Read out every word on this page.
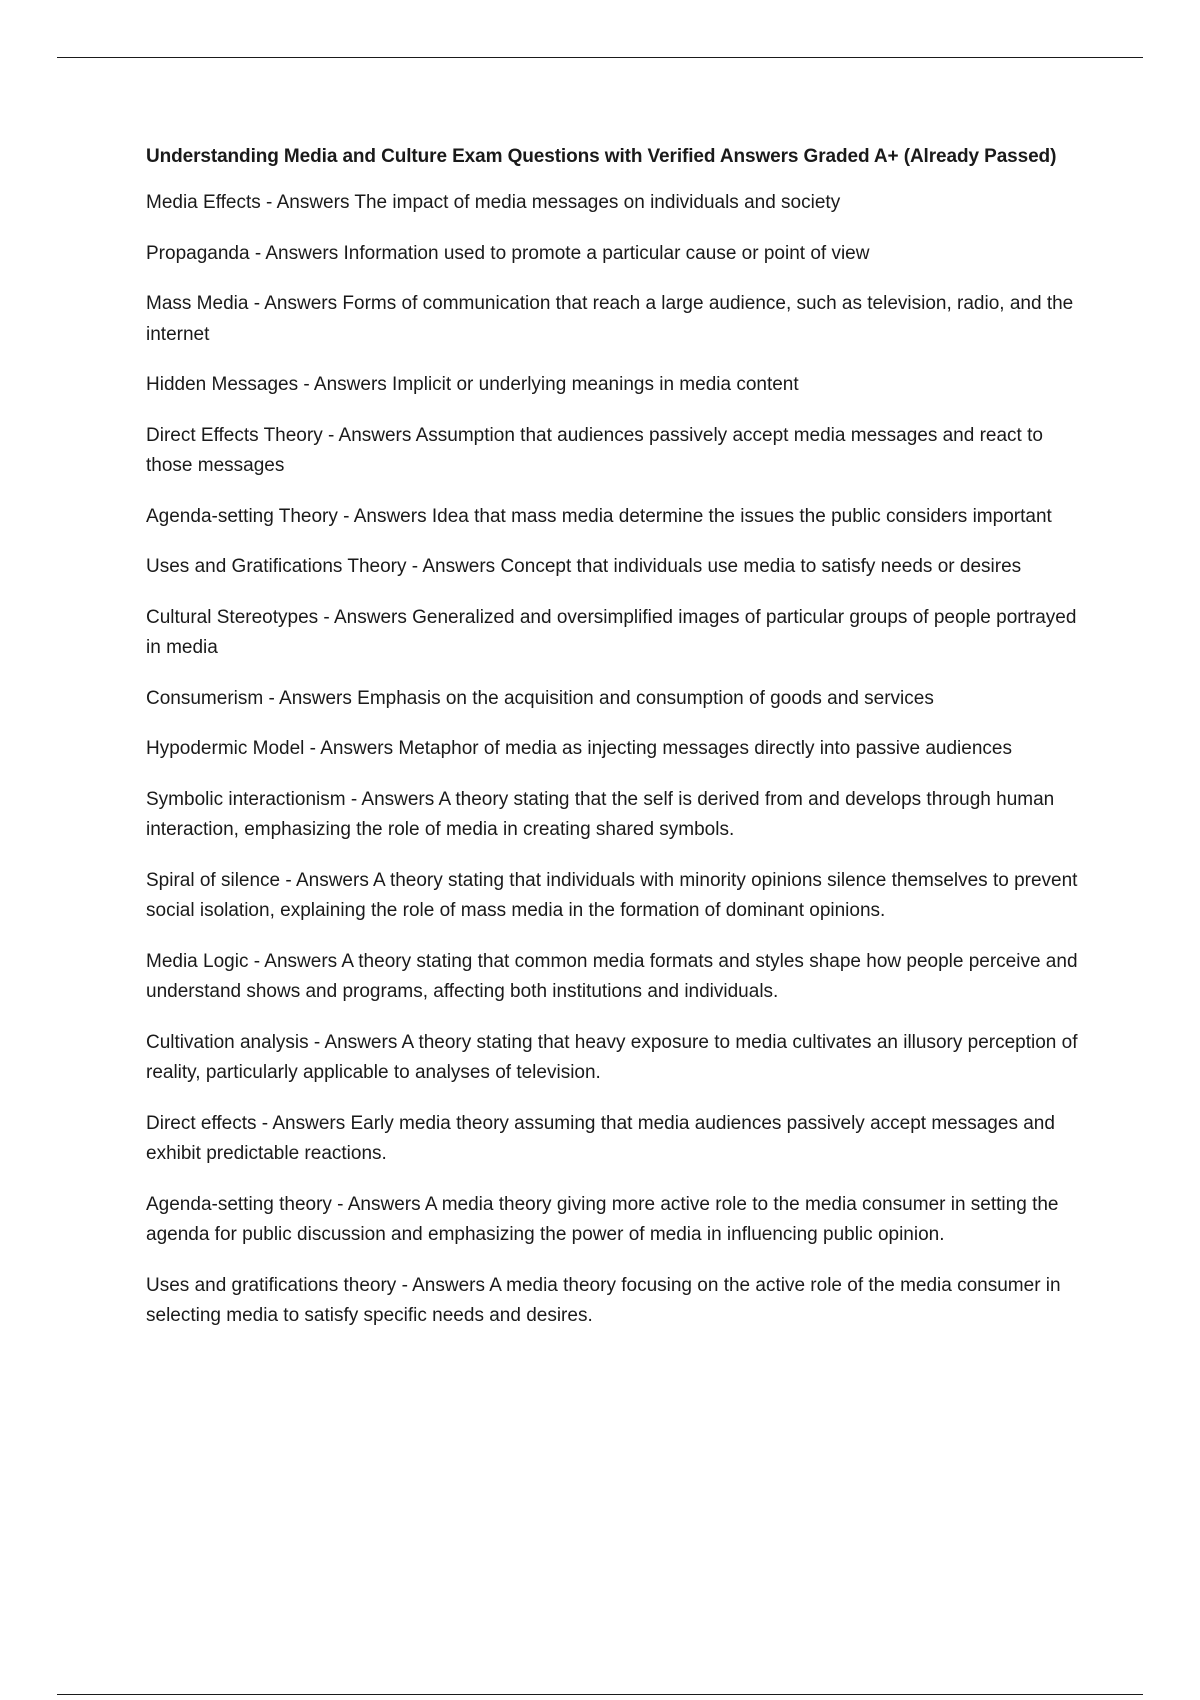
Understanding Media and Culture Exam Questions with Verified Answers Graded A+ (Already Passed)
Media Effects - Answers The impact of media messages on individuals and society
Propaganda - Answers Information used to promote a particular cause or point of view
Mass Media - Answers Forms of communication that reach a large audience, such as television, radio, and the internet
Hidden Messages - Answers Implicit or underlying meanings in media content
Direct Effects Theory - Answers Assumption that audiences passively accept media messages and react to those messages
Agenda-setting Theory - Answers Idea that mass media determine the issues the public considers important
Uses and Gratifications Theory - Answers Concept that individuals use media to satisfy needs or desires
Cultural Stereotypes - Answers Generalized and oversimplified images of particular groups of people portrayed in media
Consumerism - Answers Emphasis on the acquisition and consumption of goods and services
Hypodermic Model - Answers Metaphor of media as injecting messages directly into passive audiences
Symbolic interactionism - Answers A theory stating that the self is derived from and develops through human interaction, emphasizing the role of media in creating shared symbols.
Spiral of silence - Answers A theory stating that individuals with minority opinions silence themselves to prevent social isolation, explaining the role of mass media in the formation of dominant opinions.
Media Logic - Answers A theory stating that common media formats and styles shape how people perceive and understand shows and programs, affecting both institutions and individuals.
Cultivation analysis - Answers A theory stating that heavy exposure to media cultivates an illusory perception of reality, particularly applicable to analyses of television.
Direct effects - Answers Early media theory assuming that media audiences passively accept messages and exhibit predictable reactions.
Agenda-setting theory - Answers A media theory giving more active role to the media consumer in setting the agenda for public discussion and emphasizing the power of media in influencing public opinion.
Uses and gratifications theory - Answers A media theory focusing on the active role of the media consumer in selecting media to satisfy specific needs and desires.
